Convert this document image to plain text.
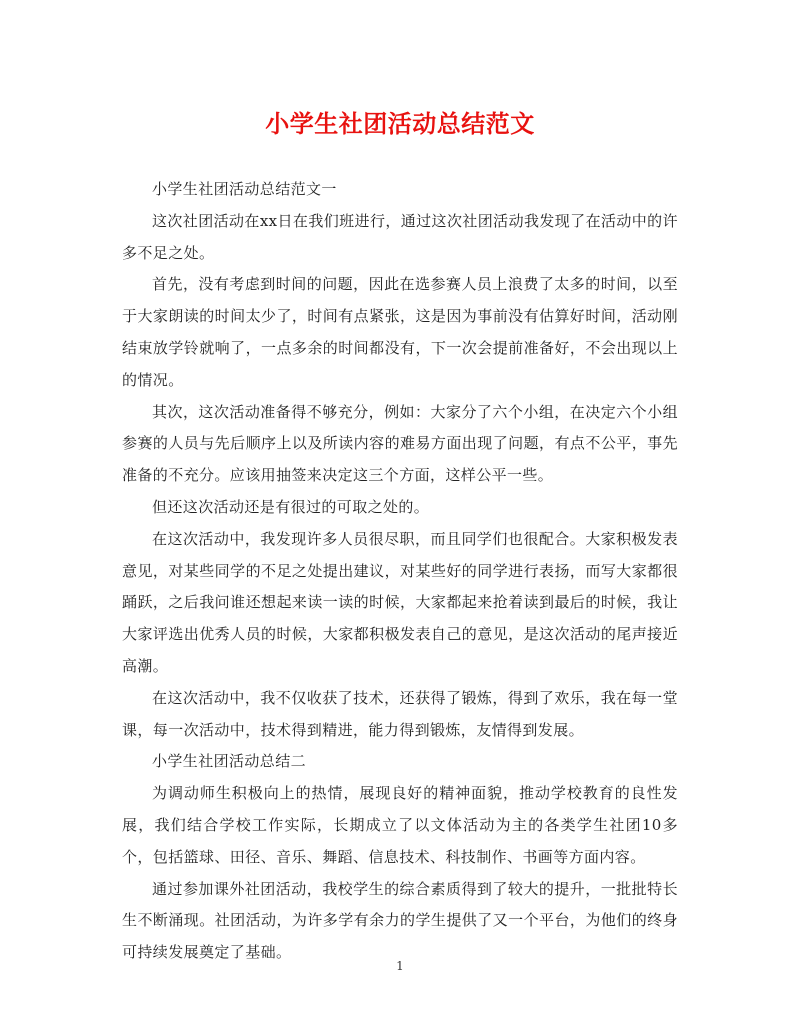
小学生社团活动总结范文

小学生社团活动总结范文一

这次社团活动在xx日在我们班进行，通过这次社团活动我发现了在活动中的许多不足之处。

首先，没有考虑到时间的问题，因此在选参赛人员上浪费了太多的时间，以至于大家朗读的时间太少了，时间有点紧张，这是因为事前没有估算好时间，活动刚结束放学铃就响了，一点多余的时间都没有，下一次会提前准备好，不会出现以上的情况。

其次，这次活动准备得不够充分，例如：大家分了六个小组，在决定六个小组参赛的人员与先后顺序上以及所读内容的难易方面出现了问题，有点不公平，事先准备的不充分。应该用抽签来决定这三个方面，这样公平一些。

但还这次活动还是有很过的可取之处的。

在这次活动中，我发现许多人员很尽职，而且同学们也很配合。大家积极发表意见，对某些同学的不足之处提出建议，对某些好的同学进行表扬，而写大家都很踊跃，之后我问谁还想起来读一读的时候，大家都起来抢着读到最后的时候，我让大家评选出优秀人员的时候，大家都积极发表自己的意见，是这次活动的尾声接近高潮。

在这次活动中，我不仅收获了技术，还获得了锻炼，得到了欢乐，我在每一堂课，每一次活动中，技术得到精进，能力得到锻炼，友情得到发展。

小学生社团活动总结二

为调动师生积极向上的热情，展现良好的精神面貌，推动学校教育的良性发展，我们结合学校工作实际，长期成立了以文体活动为主的各类学生社团10多个，包括篮球、田径、音乐、舞蹈、信息技术、科技制作、书画等方面内容。

通过参加课外社团活动，我校学生的综合素质得到了较大的提升，一批批特长生不断涌现。社团活动，为许多学有余力的学生提供了又一个平台，为他们的终身可持续发展奠定了基础。

1
